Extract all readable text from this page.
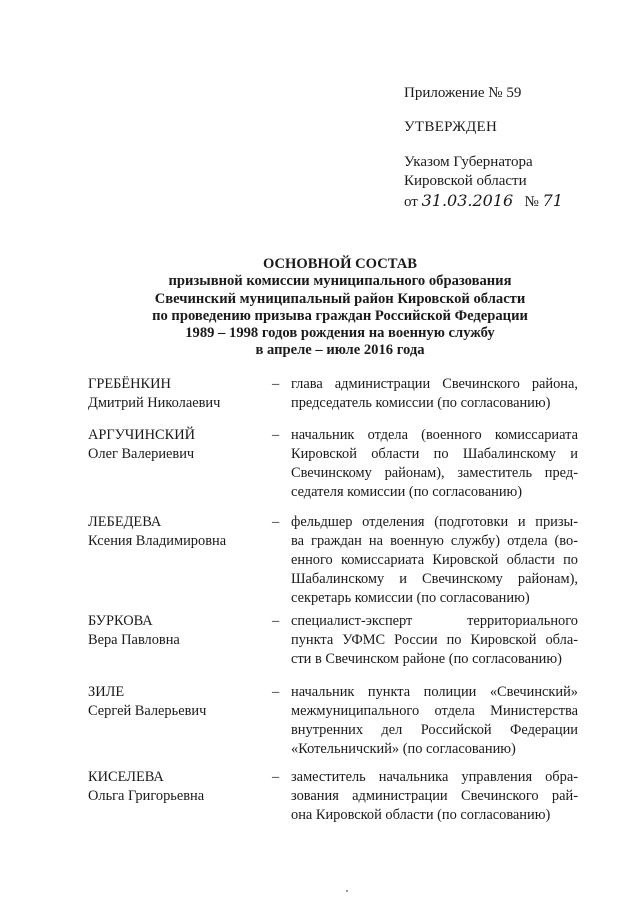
Приложение № 59
УТВЕРЖДЕН
Указом Губернатора
Кировской области
от 31.03.2016 № 71
ОСНОВНОЙ СОСТАВ
призывной комиссии муниципального образования
Свечинский муниципальный район Кировской области
по проведению призыва граждан Российской Федерации
1989 – 1998 годов рождения на военную службу
в апреле – июле 2016 года
ГРЕБЁНКИН
Дмитрий Николаевич
– глава администрации Свечинского района,
председатель комиссии (по согласованию)
АРГУЧИНСКИЙ
Олег Валериевич
– начальник отдела (военного комиссариата
Кировской области по Шабалинскому и
Свечинскому районам), заместитель пред-
седателя комиссии (по согласованию)
ЛЕБЕДЕВА
Ксения Владимировна
– фельдшер отделения (подготовки и призы-
ва граждан на военную службу) отдела (во-
енного комиссариата Кировской области по
Шабалинскому и Свечинскому районам),
секретарь комиссии (по согласованию)
БУРКОВА
Вера Павловна
– специалист-эксперт территориального
пункта УФМС России по Кировской обла-
сти в Свечинском районе (по согласованию)
ЗИЛЕ
Сергей Валерьевич
– начальник пункта полиции «Свечинский»
межмуниципального отдела Министерства
внутренних дел Российской Федерации
«Котельничский» (по согласованию)
КИСЕЛЕВА
Ольга Григорьевна
– заместитель начальника управления обра-
зования администрации Свечинского рай-
она Кировской области (по согласованию)
